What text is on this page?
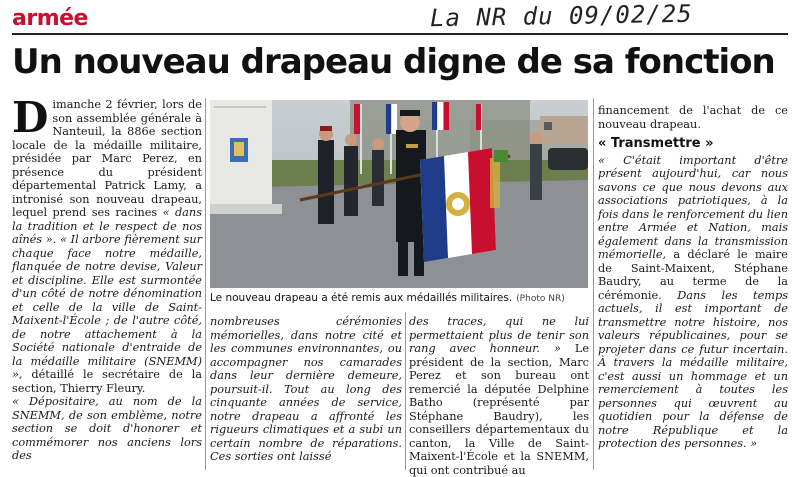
armée	La NR du 09/02/25
Un nouveau drapeau digne de sa fonction

Dimanche 2 février, lors de son assemblée générale à Nanteuil, la 886e section locale de la médaille militaire, présidée par Marc Perez, en présence du président départemental Patrick Lamy, a intronisé son nouveau drapeau, lequel prend ses racines « dans la tradition et le respect de nos aînés ». « Il arbore fièrement sur chaque face notre médaille, flanquée de notre devise, Valeur et discipline. Elle est surmontée d'un côté de notre dénomination et celle de la ville de Saint-Maixent-l'École ; de l'autre côté, de notre attachement à la Société nationale d'entraide de la médaille militaire (SNEMM) », détaillé le secrétaire de la section, Thierry Fleury.

« Dépositaire, au nom de la SNEMM, de son emblème, notre section se doit d'honorer et commémorer nos anciens lors des

Le nouveau drapeau a été remis aux médaillés militaires. (Photo NR)

nombreuses cérémonies mémorielles, dans notre cité et les communes environnantes, ou accompagner nos camarades dans leur dernière demeure, poursuit-il. Tout au long des cinquante années de service, notre drapeau a affronté les rigueurs climatiques et a subi un certain nombre de réparations. Ces sorties ont laissé

des traces, qui ne lui permettaient plus de tenir son rang avec honneur. » Le président de la section, Marc Perez et son bureau ont remercié la députée Delphine Batho (représenté par Stéphane Baudry), les conseillers départementaux du canton, la Ville de Saint-Maixent-l'École et la SNEMM, qui ont contribué au

financement de l'achat de ce nouveau drapeau.

« Transmettre »

« C'était important d'être présent aujourd'hui, car nous savons ce que nous devons aux associations patriotiques, à la fois dans le renforcement du lien entre Armée et Nation, mais également dans la transmission mémorielle, a déclaré le maire de Saint-Maixent, Stéphane Baudry, au terme de la cérémonie. Dans les temps actuels, il est important de transmettre notre histoire, nos valeurs républicaines, pour se projeter dans ce futur incertain. À travers la médaille militaire, c'est aussi un hommage et un remerciement à toutes les personnes qui œuvrent au quotidien pour la défense de notre République et la protection des personnes. »
